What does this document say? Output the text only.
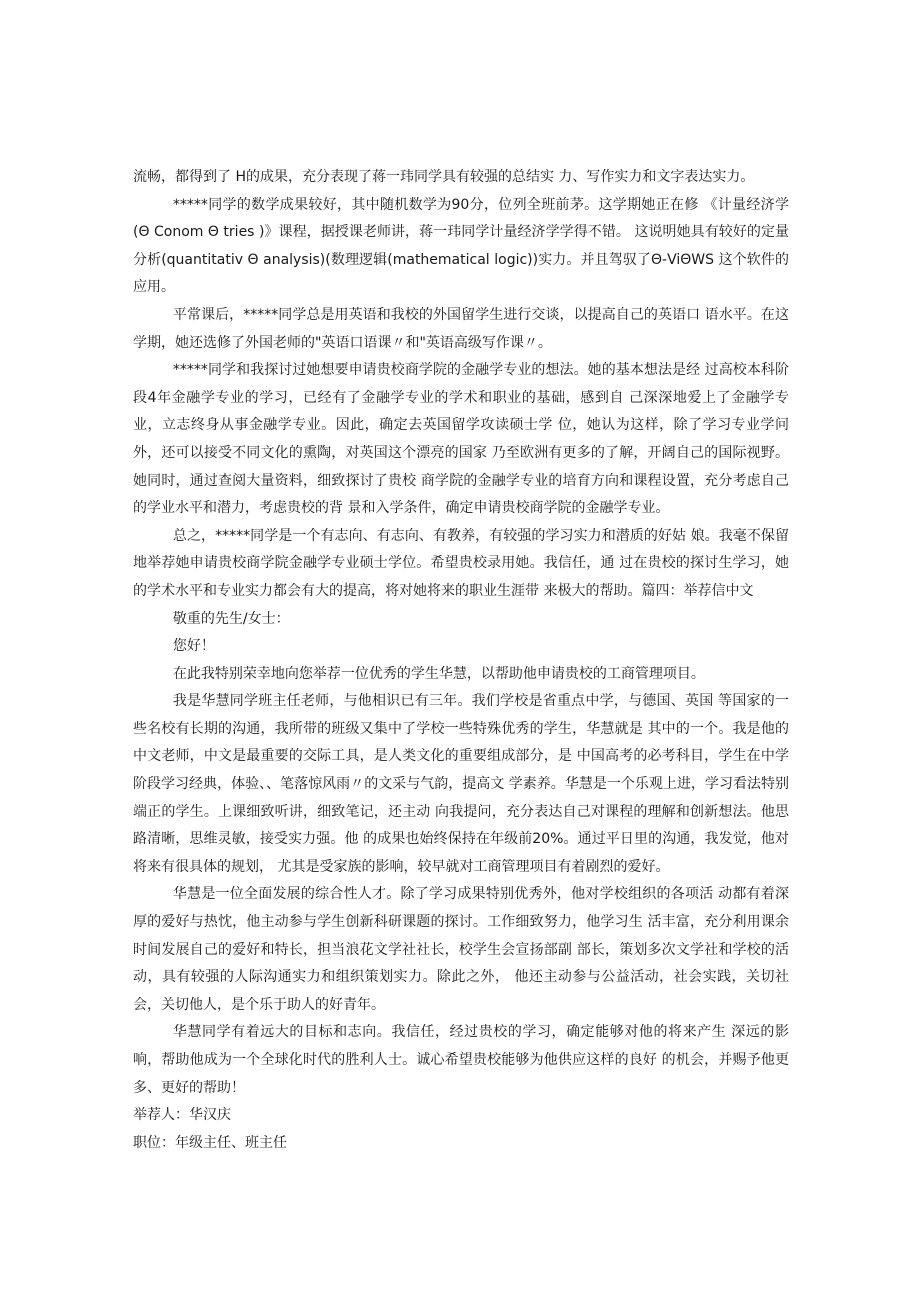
流畅，都得到了 H的成果，充分表现了蒋一玮同学具有较强的总结实 力、写作实力和文字表达实力。

*****同学的数学成果较好，其中随机数学为90分，位列全班前茅。这学期她正在修 《计量经济学(Θ Conom Θ tries )》课程，据授课老师讲，蒋一玮同学计量经济学学得不错。 这说明她具有较好的定量分析(quantitativ Θ analysis)(数理逻辑(mathematical logic))实力。并且驾驭了Θ-ViΘWS 这个软件的应用。

平常课后，*****同学总是用英语和我校的外国留学生进行交谈，以提高自己的英语口 语水平。在这学期，她还选修了外国老师的"英语口语课〃和"英语高级写作课〃。

*****同学和我探讨过她想要申请贵校商学院的金融学专业的想法。她的基本想法是经 过高校本科阶段4年金融学专业的学习，已经有了金融学专业的学术和职业的基础，感到自 己深深地爱上了金融学专业，立志终身从事金融学专业。因此，确定去英国留学攻读硕士学 位，她认为这样，除了学习专业学问外，还可以接受不同文化的熏陶，对英国这个漂亮的国家 乃至欧洲有更多的了解，开阔自己的国际视野。她同时，通过查阅大量资料，细致探讨了贵校 商学院的金融学专业的培育方向和课程设置，充分考虑自己的学业水平和潜力，考虑贵校的背 景和入学条件，确定申请贵校商学院的金融学专业。

总之，*****同学是一个有志向、有志向、有教养，有较强的学习实力和潜质的好姑 娘。我毫不保留地举荐她申请贵校商学院金融学专业硕士学位。希望贵校录用她。我信任，通 过在贵校的探讨生学习，她的学术水平和专业实力都会有大的提高，将对她将来的职业生涯带 来极大的帮助。篇四：举荐信中文

敬重的先生/女士：

您好！

在此我特别荣幸地向您举荐一位优秀的学生华慧，以帮助他申请贵校的工商管理项目。

我是华慧同学班主任老师，与他相识已有三年。我们学校是省重点中学，与德国、英国 等国家的一些名校有长期的沟通，我所带的班级又集中了学校一些特殊优秀的学生，华慧就是 其中的一个。我是他的中文老师，中文是最重要的交际工具，是人类文化的重要组成部分，是 中国高考的必考科目，学生在中学阶段学习经典，体验、、笔落惊风雨〃的文采与气韵，提高文 学素养。华慧是一个乐观上进，学习看法特别端正的学生。上课细致听讲，细致笔记，还主动 向我提问，充分表达自己对课程的理解和创新想法。他思路清晰，思维灵敏，接受实力强。他 的成果也始终保持在年级前20%。通过平日里的沟通，我发觉，他对将来有很具体的规划， 尤其是受家族的影响，较早就对工商管理项目有着剧烈的爱好。

华慧是一位全面发展的综合性人才。除了学习成果特别优秀外，他对学校组织的各项活 动都有着深厚的爱好与热忱，他主动参与学生创新科研课题的探讨。工作细致努力，他学习生 活丰富，充分利用课余时间发展自己的爱好和特长，担当浪花文学社社长，校学生会宣扬部副 部长，策划多次文学社和学校的活动，具有较强的人际沟通实力和组织策划实力。除此之外， 他还主动参与公益活动，社会实践，关切社会，关切他人，是个乐于助人的好青年。

华慧同学有着远大的目标和志向。我信任，经过贵校的学习，确定能够对他的将来产生 深远的影响，帮助他成为一个全球化时代的胜利人士。诚心希望贵校能够为他供应这样的良好 的机会，并赐予他更多、更好的帮助！

举荐人：华汉庆

职位：年级主任、班主任
